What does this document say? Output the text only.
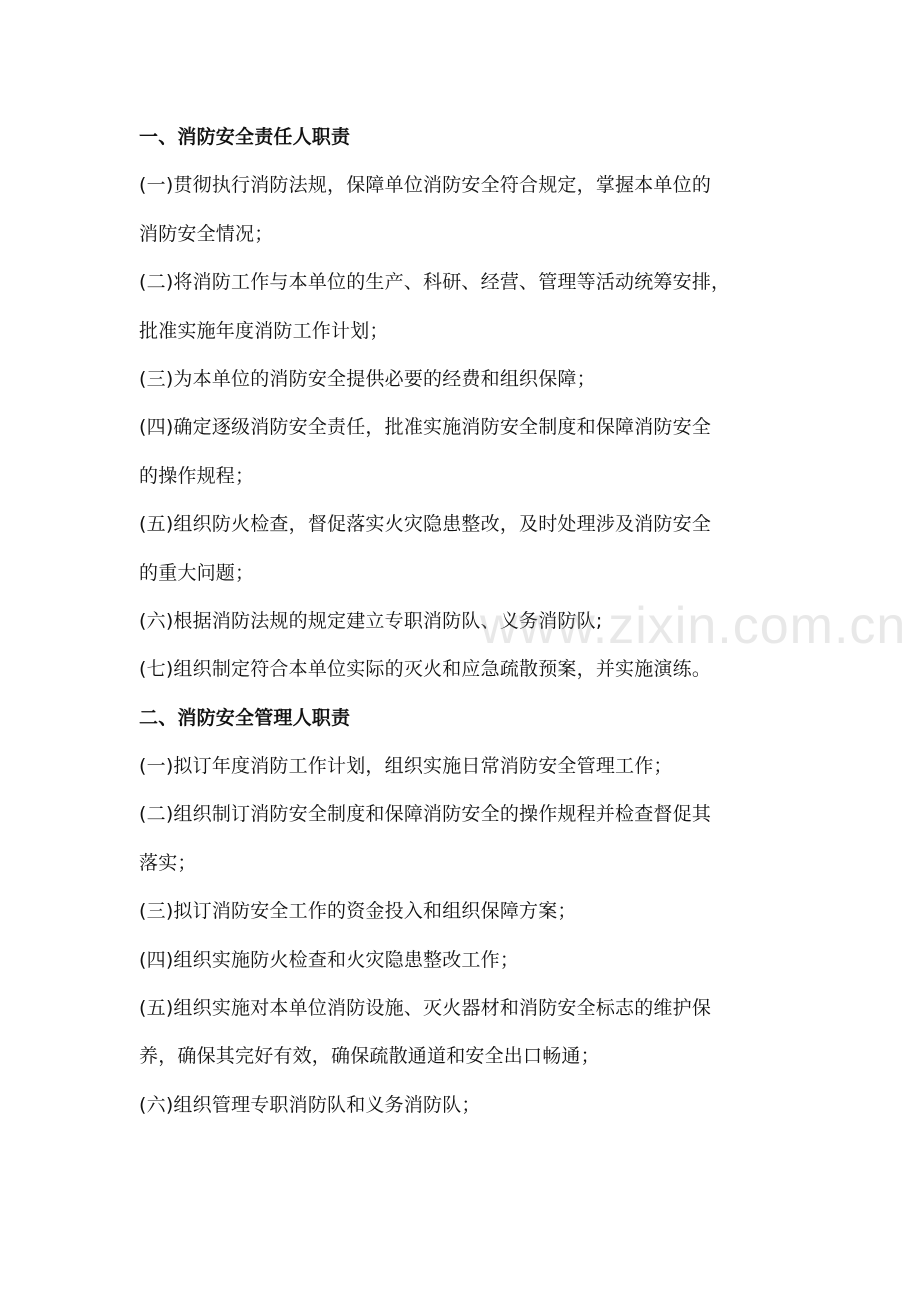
一、消防安全责任人职责
(一)贯彻执行消防法规，保障单位消防安全符合规定，掌握本单位的
消防安全情况；
(二)将消防工作与本单位的生产、科研、经营、管理等活动统筹安排，
批准实施年度消防工作计划；
(三)为本单位的消防安全提供必要的经费和组织保障；
(四)确定逐级消防安全责任，批准实施消防安全制度和保障消防安全
的操作规程；
(五)组织防火检查，督促落实火灾隐患整改，及时处理涉及消防安全
的重大问题；
(六)根据消防法规的规定建立专职消防队、义务消防队;
(七)组织制定符合本单位实际的灭火和应急疏散预案，并实施演练。
二、消防安全管理人职责
(一)拟订年度消防工作计划，组织实施日常消防安全管理工作；
(二)组织制订消防安全制度和保障消防安全的操作规程并检查督促其
落实；
(三)拟订消防安全工作的资金投入和组织保障方案；
(四)组织实施防火检查和火灾隐患整改工作；
(五)组织实施对本单位消防设施、灭火器材和消防安全标志的维护保
养，确保其完好有效，确保疏散通道和安全出口畅通；
(六)组织管理专职消防队和义务消防队；
www.zixin.com.cn
